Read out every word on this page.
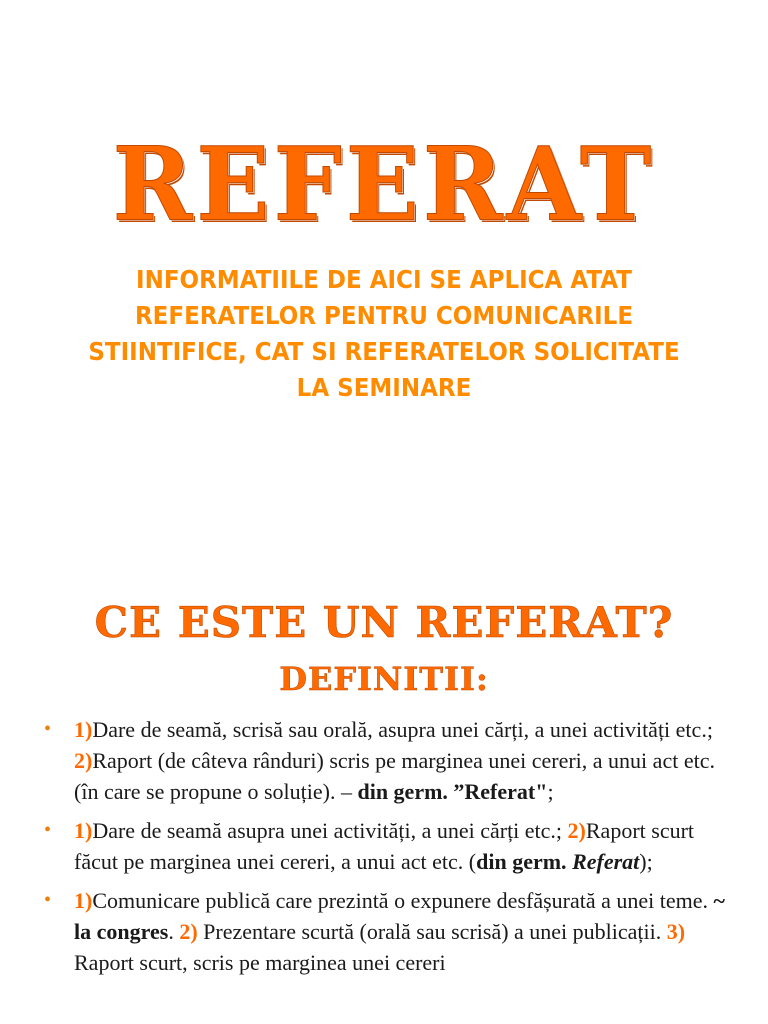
REFERAT
INFORMATIILE DE AICI SE APLICA ATAT REFERATELOR PENTRU COMUNICARILE STIINTIFICE, CAT SI REFERATELOR SOLICITATE LA SEMINARE
CE ESTE UN REFERAT?
DEFINITII:
• 1)Dare de seamă, scrisă sau orală, asupra unei cărți, a unei activități etc.; 2)Raport (de câteva rânduri) scris pe marginea unei cereri, a unui act etc. (în care se propune o soluție). – din germ. ”Referat";
• 1)Dare de seamă asupra unei activități, a unei cărți etc.; 2)Raport scurt făcut pe marginea unei cereri, a unui act etc. (din germ. Referat);
• 1)Comunicare publică care prezintă o expunere desfășurată a unei teme. ~ la congres. 2) Prezentare scurtă (orală sau scrisă) a unei publicații. 3) Raport scurt, scris pe marginea unei cereri
